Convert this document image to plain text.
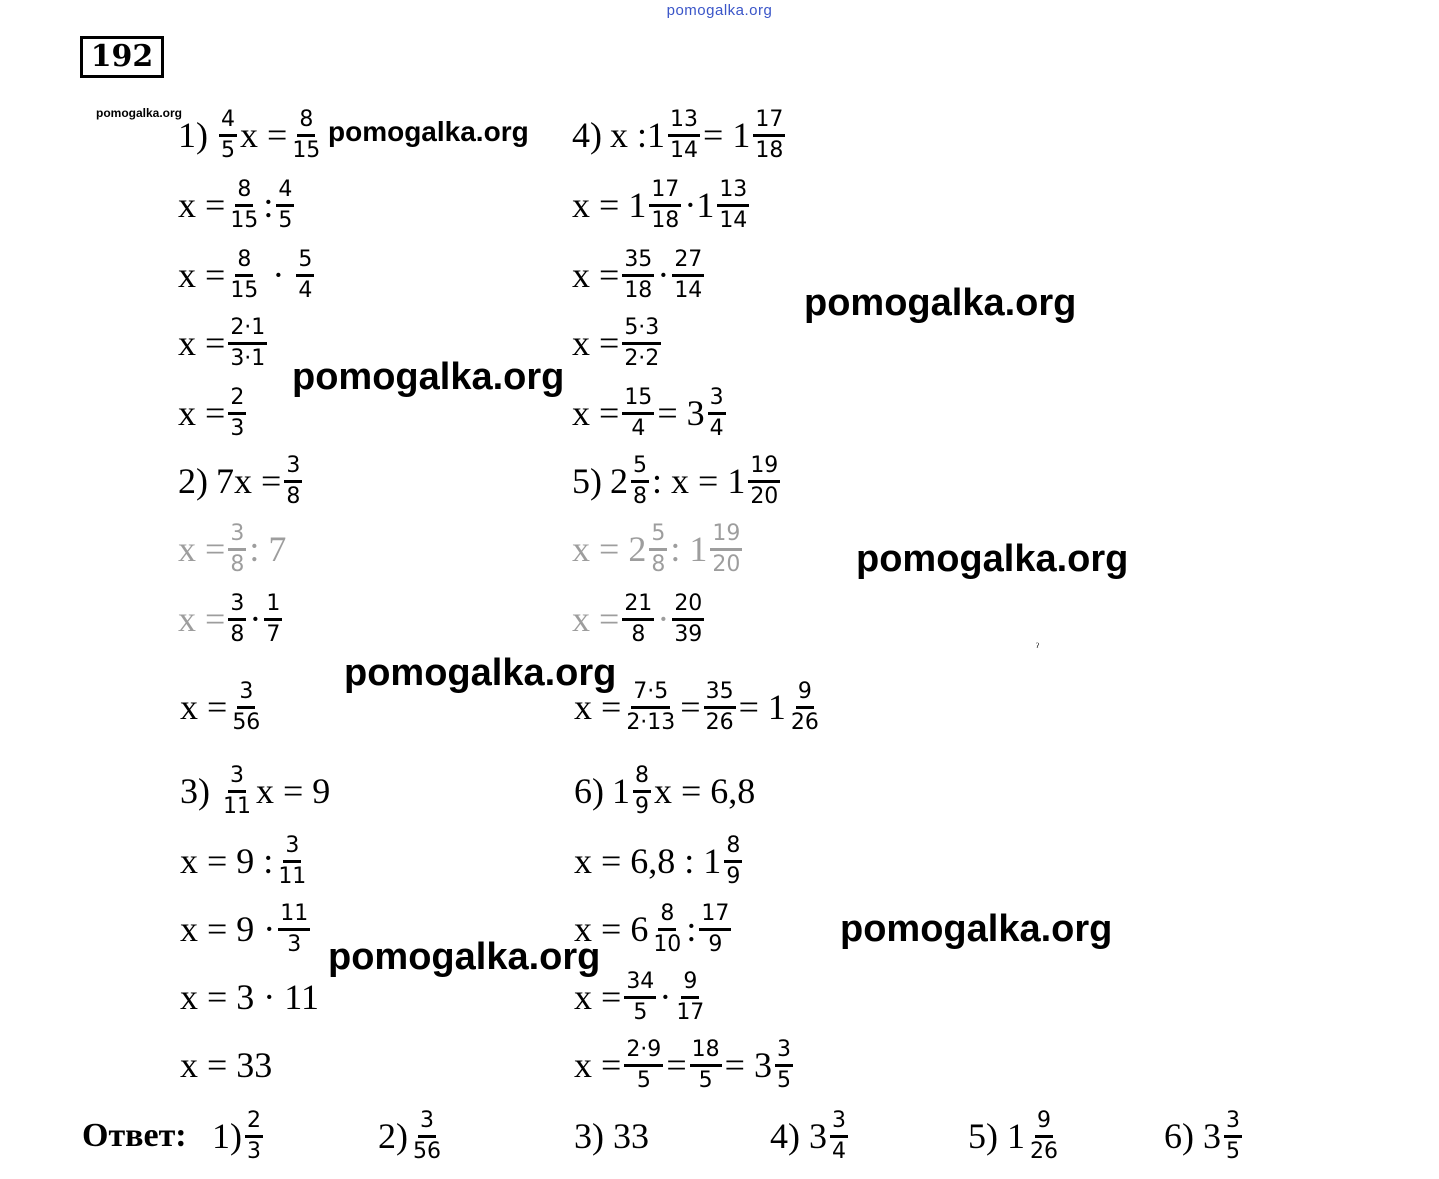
pomogalka.org
192
pomogalka.org
$1) \frac{4}{5}$ $x = \frac{8}{15}$ pomogalka.org
$x = \frac{8}{15}$ : $\frac{4}{5}$
$x = \frac{8}{15} \cdot \frac{5}{4}$
$x = \frac{2\cdot 1}{3\cdot 1}$
$x = \frac{2}{3}$
pomogalka.org
2) $7x = \frac{3}{8}$
$x = \frac{3}{8}$ : 7
$x = \frac{3}{8} \cdot \frac{1}{7}$
$x = \frac{3}{56}$
pomogalka.org
$3) \frac{3}{11}$ x = 9
x = 9 : $\frac{3}{11}$
$x = 9 \cdot \frac{11}{3}$
x = 3 · 11
x = 33
pomogalka.org
4) x : $1 \frac{13}{14} = 1 \frac{17}{18}$
$x = 1 \frac{17}{18} \cdot 1 \frac{13}{14}$
$x = \frac{35}{18} \cdot \frac{27}{14}$
$x = \frac{5\cdot 3}{2\cdot 2}$
$x = \frac{15}{4} = 3 \frac{3}{4}$
pomogalka.org
5) $2 \frac{5}{8}$ : $x = 1 \frac{19}{20}$
$x = 2 \frac{5}{8}$ : $1 \frac{19}{20}$
$x = \frac{21}{8} \cdot \frac{20}{39}$
$x = \frac{7\cdot 5}{2\cdot 13} = \frac{35}{26} = 1 \frac{9}{26}$
pomogalka.org
ˀ
6) $1 \frac{8}{9}$ x = 6,8
x = 6,8 : $1 \frac{8}{9}$
$x = 6 \frac{8}{10}$ : $\frac{17}{9}$
$x = \frac{34}{5} \cdot \frac{9}{17}$
$x = \frac{2\cdot 9}{5} = \frac{18}{5} = 3 \frac{3}{5}$
pomogalka.org
Ответ: $1) \frac{2}{3}$	$2) \frac{3}{56}$	3)
33	4)
$3 \frac{3}{4}$	5)
$1 \frac{9}{26}$	6)
$3 \frac{3}{5}$
